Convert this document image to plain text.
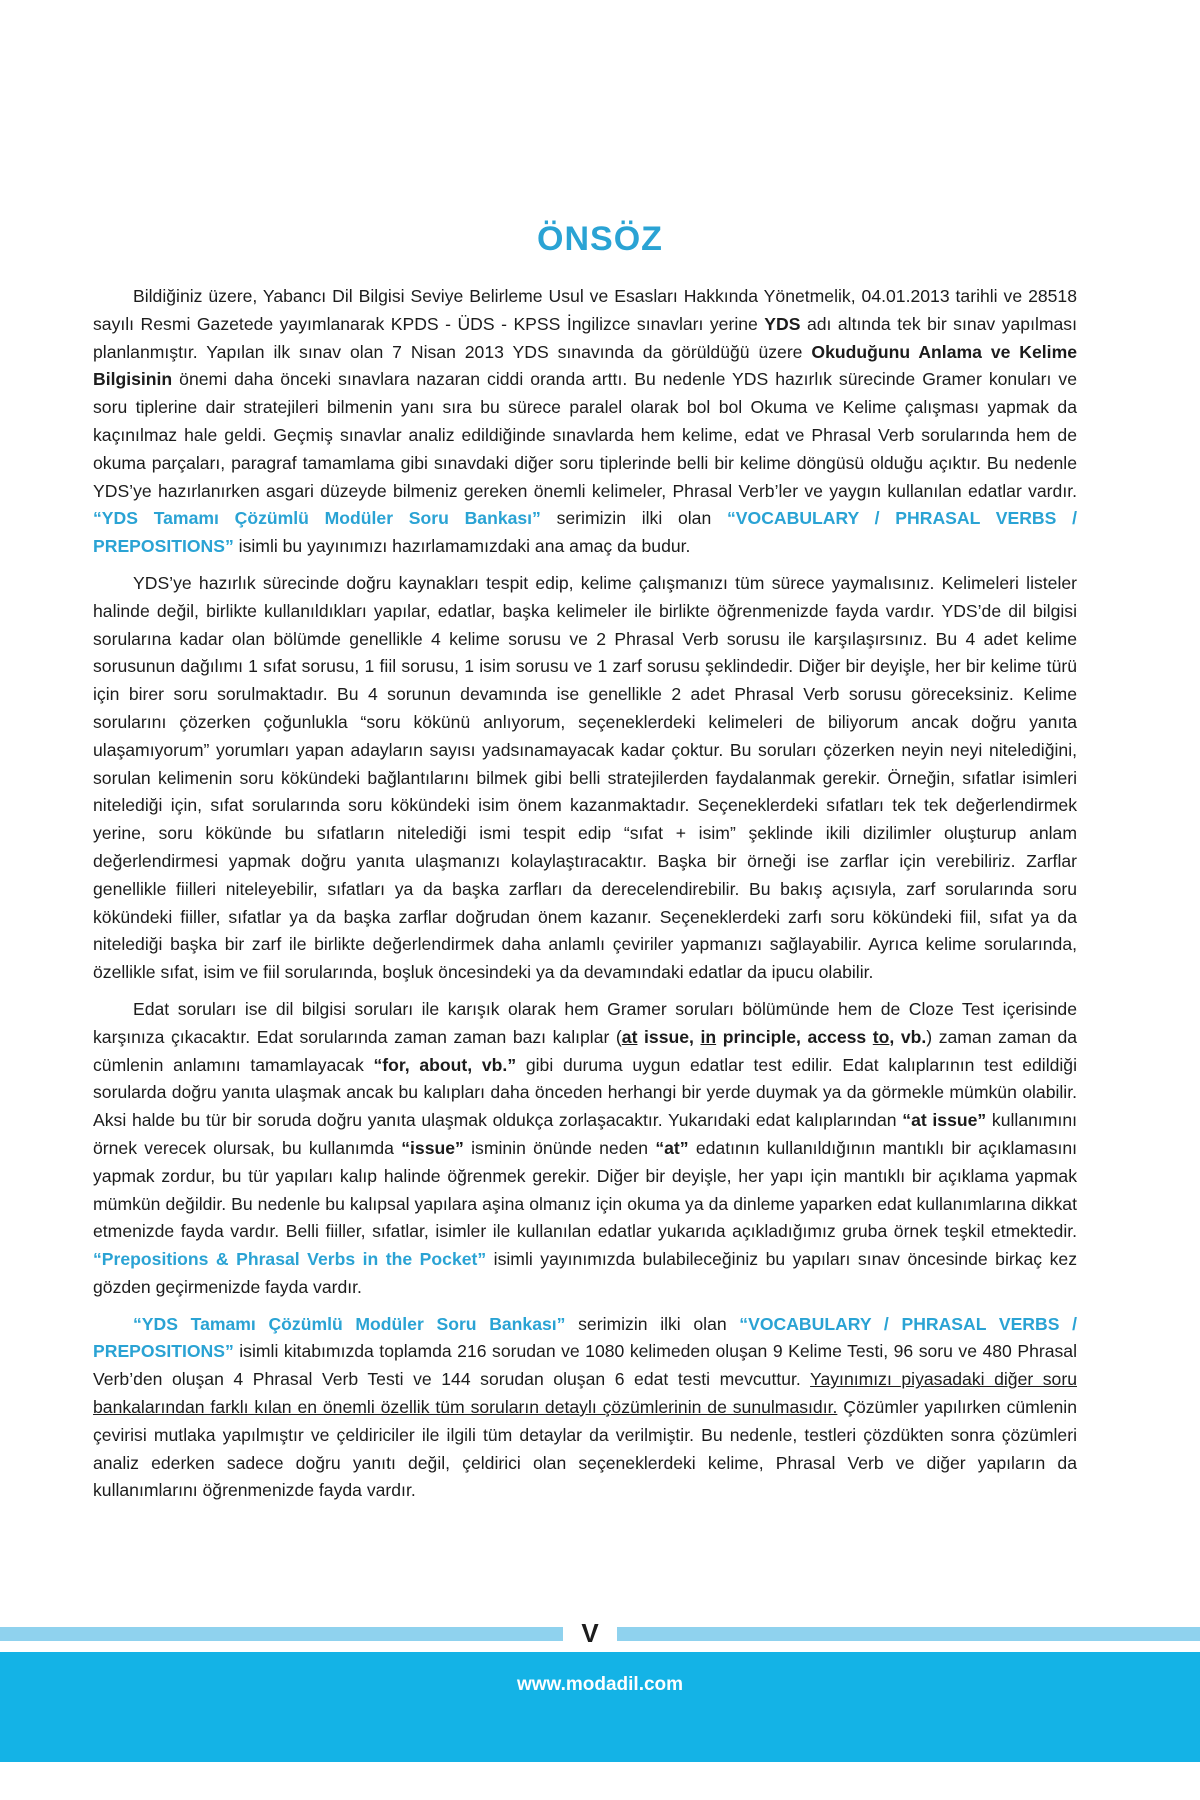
ÖNSÖZ

Bildiğiniz üzere, Yabancı Dil Bilgisi Seviye Belirleme Usul ve Esasları Hakkında Yönetmelik, 04.01.2013 tarihli ve 28518 sayılı Resmi Gazetede yayımlanarak KPDS - ÜDS - KPSS İngilizce sınavları yerine YDS adı altında tek bir sınav yapılması planlanmıştır. Yapılan ilk sınav olan 7 Nisan 2013 YDS sınavında da görüldüğü üzere Okuduğunu Anlama ve Kelime Bilgisinin önemi daha önceki sınavlara nazaran ciddi oranda arttı. Bu nedenle YDS hazırlık sürecinde Gramer konuları ve soru tiplerine dair stratejileri bilmenin yanı sıra bu sürece paralel olarak bol bol Okuma ve Kelime çalışması yapmak da kaçınılmaz hale geldi. Geçmiş sınavlar analiz edildiğinde sınavlarda hem kelime, edat ve Phrasal Verb sorularında hem de okuma parçaları, paragraf tamamlama gibi sınavdaki diğer soru tiplerinde belli bir kelime döngüsü olduğu açıktır. Bu nedenle YDS’ye hazırlanırken asgari düzeyde bilmeniz gereken önemli kelimeler, Phrasal Verb’ler ve yaygın kullanılan edatlar vardır. “YDS Tamamı Çözümlü Modüler Soru Bankası” serimizin ilki olan “VOCABULARY / PHRASAL VERBS / PREPOSITIONS” isimli bu yayınımızı hazırlamamızdaki ana amaç da budur.

YDS’ye hazırlık sürecinde doğru kaynakları tespit edip, kelime çalışmanızı tüm sürece yaymalısınız. Kelimeleri listeler halinde değil, birlikte kullanıldıkları yapılar, edatlar, başka kelimeler ile birlikte öğrenmenizde fayda vardır. YDS’de dil bilgisi sorularına kadar olan bölümde genellikle 4 kelime sorusu ve 2 Phrasal Verb sorusu ile karşılaşırsınız. Bu 4 adet kelime sorusunun dağılımı 1 sıfat sorusu, 1 fiil sorusu, 1 isim sorusu ve 1 zarf sorusu şeklindedir. Diğer bir deyişle, her bir kelime türü için birer soru sorulmaktadır. Bu 4 sorunun devamında ise genellikle 2 adet Phrasal Verb sorusu göreceksiniz. Kelime sorularını çözerken çoğunlukla “soru kökünü anlıyorum, seçeneklerdeki kelimeleri de biliyorum ancak doğru yanıta ulaşamıyorum” yorumları yapan adayların sayısı yadsınamayacak kadar çoktur. Bu soruları çözerken neyin neyi nitelediğini, sorulan kelimenin soru kökündeki bağlantılarını bilmek gibi belli stratejilerden faydalanmak gerekir. Örneğin, sıfatlar isimleri nitelediği için, sıfat sorularında soru kökündeki isim önem kazanmaktadır. Seçeneklerdeki sıfatları tek tek değerlendirmek yerine, soru kökünde bu sıfatların nitelediği ismi tespit edip “sıfat + isim” şeklinde ikili dizilimler oluşturup anlam değerlendirmesi yapmak doğru yanıta ulaşmanızı kolaylaştıracaktır. Başka bir örneği ise zarflar için verebiliriz. Zarflar genellikle fiilleri niteleyebilir, sıfatları ya da başka zarfları da derecelendirebilir. Bu bakış açısıyla, zarf sorularında soru kökündeki fiiller, sıfatlar ya da başka zarflar doğrudan önem kazanır. Seçeneklerdeki zarfı soru kökündeki fiil, sıfat ya da nitelediği başka bir zarf ile birlikte değerlendirmek daha anlamlı çeviriler yapmanızı sağlayabilir. Ayrıca kelime sorularında, özellikle sıfat, isim ve fiil sorularında, boşluk öncesindeki ya da devamındaki edatlar da ipucu olabilir.

Edat soruları ise dil bilgisi soruları ile karışık olarak hem Gramer soruları bölümünde hem de Cloze Test içerisinde karşınıza çıkacaktır. Edat sorularında zaman zaman bazı kalıplar (at issue, in principle, access to, vb.) zaman zaman da cümlenin anlamını tamamlayacak “for, about, vb.” gibi duruma uygun edatlar test edilir. Edat kalıplarının test edildiği sorularda doğru yanıta ulaşmak ancak bu kalıpları daha önceden herhangi bir yerde duymak ya da görmekle mümkün olabilir. Aksi halde bu tür bir soruda doğru yanıta ulaşmak oldukça zorlaşacaktır. Yukarıdaki edat kalıplarından “at issue” kullanımını örnek verecek olursak, bu kullanımda “issue” isminin önünde neden “at” edatının kullanıldığının mantıklı bir açıklamasını yapmak zordur, bu tür yapıları kalıp halinde öğrenmek gerekir. Diğer bir deyişle, her yapı için mantıklı bir açıklama yapmak mümkün değildir. Bu nedenle bu kalıpsal yapılara aşina olmanız için okuma ya da dinleme yaparken edat kullanımlarına dikkat etmenizde fayda vardır. Belli fiiller, sıfatlar, isimler ile kullanılan edatlar yukarıda açıkladığımız gruba örnek teşkil etmektedir. “Prepositions & Phrasal Verbs in the Pocket” isimli yayınımızda bulabileceğiniz bu yapıları sınav öncesinde birkaç kez gözden geçirmenizde fayda vardır.

“YDS Tamamı Çözümlü Modüler Soru Bankası” serimizin ilki olan “VOCABULARY / PHRASAL VERBS / PREPOSITIONS” isimli kitabımızda toplamda 216 sorudan ve 1080 kelimeden oluşan 9 Kelime Testi, 96 soru ve 480 Phrasal Verb’den oluşan 4 Phrasal Verb Testi ve 144 sorudan oluşan 6 edat testi mevcuttur. Yayınımızı piyasadaki diğer soru bankalarından farklı kılan en önemli özellik tüm soruların detaylı çözümlerinin de sunulmasıdır. Çözümler yapılırken cümlenin çevirisi mutlaka yapılmıştır ve çeldiriciler ile ilgili tüm detaylar da verilmiştir. Bu nedenle, testleri çözdükten sonra çözümleri analiz ederken sadece doğru yanıtı değil, çeldirici olan seçeneklerdeki kelime, Phrasal Verb ve diğer yapıların da kullanımlarını öğrenmenizde fayda vardır.

V
www.modadil.com
